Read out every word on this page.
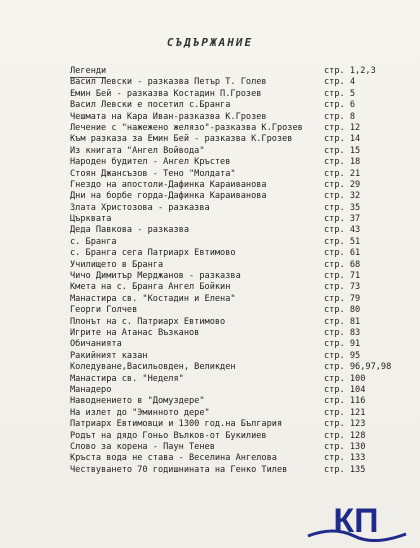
СЪДЪРЖАНИЕ
Легенди	стр. 1,2,3
Васил Левски - разказва Петър Т. Голев	стр. 4
Емин Бей - разказва Костадин П.Грозев	стр. 5
Васил Левски е посетил с.Бранга	стр. 6
Чешмата на Кара Иван-разказва К.Грозев	стр. 8
Лечение с "нажежено желязо"-разказва К.Грозев стр. 12
Към разказа за Емин Бей - разказва К.Грозев	стр. 14
Из книгата "Ангел Войвода"	стр. 15
Народен будител - Ангел Кръстев	стр. 18
Стоян Джансъзов - Тено "Молдата"	стр. 21
Гнездо на апостоли-Дафинка Караиванова	стр. 29
Дни на борбе горда-Дафинка Караиванова	стр. 32
Злата Христозова - разказва	стр. 35
Църквата	стр. 37
Деда Павкова - разказва	стр. 43
с. Бранга	стр. 51
с. Бранга сега Патриарх Евтимово	стр. 61
Училището в Бранга	стр. 68
Чичо Димитър Мерджанов - разказва	стр. 71
Кмета на с. Бранга Ангел Бойкин	стр. 73
Манастира св. "Костадин и Елена"	стр. 79
Георги Голчев	стр. 80
Плонът на с. Патриарх Евтимово	стр. 81
Игрите на Атанас Възканов	стр. 83
Обичанията	стр. 91
Ракийният казан	стр. 95
Коледуване,Васильовден, Великден	стр. 96,97,98
Манастира св. "Неделя"	стр. 100
Манадеро	стр. 104
Наводнението в "Домуздере"	стр. 116
На излет до "Эминното дере"	стр. 121
Патриарх Евтимовци и 1300 год.на България	стр. 123
Родът на дядо Гоньо Вълков-от Букилиев	стр. 128
Слово за корена - Паун Тенев	стр. 130
Кръста вода не става - Веселина Ангелова	стр. 133
Чествуването 70 годишнината на Генко Тилев	стр. 135
КП
